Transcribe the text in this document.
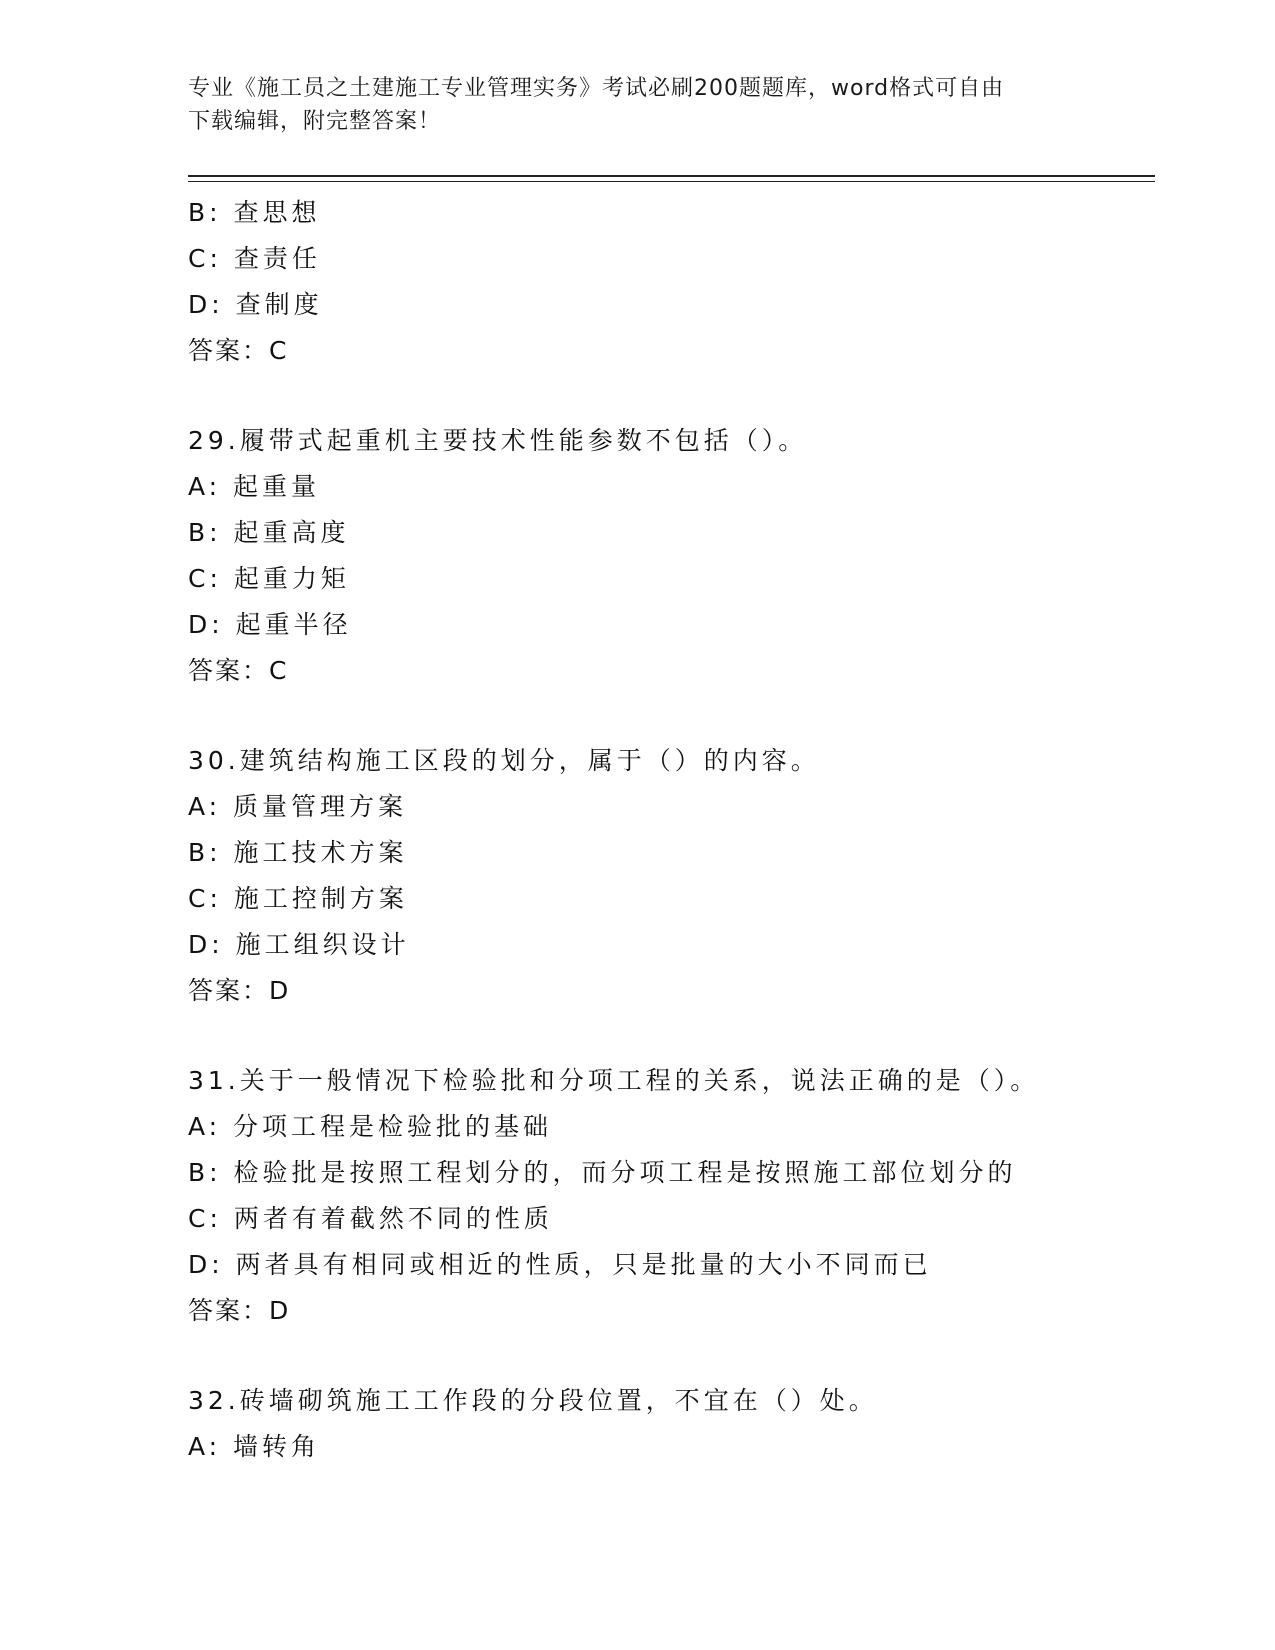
专业《施工员之土建施工专业管理实务》考试必刷200题题库，word格式可自由
下载编辑，附完整答案！
B: 查思想
C: 查责任
D: 查制度
答案：C
29.履带式起重机主要技术性能参数不包括（）。
A: 起重量
B: 起重高度
C: 起重力矩
D: 起重半径
答案：C
30.建筑结构施工区段的划分，属于（）的内容。
A: 质量管理方案
B: 施工技术方案
C: 施工控制方案
D: 施工组织设计
答案：D
31.关于一般情况下检验批和分项工程的关系，说法正确的是（）。
A: 分项工程是检验批的基础
B: 检验批是按照工程划分的，而分项工程是按照施工部位划分的
C: 两者有着截然不同的性质
D: 两者具有相同或相近的性质，只是批量的大小不同而已
答案：D
32.砖墙砌筑施工工作段的分段位置，不宜在（）处。
A: 墙转角
